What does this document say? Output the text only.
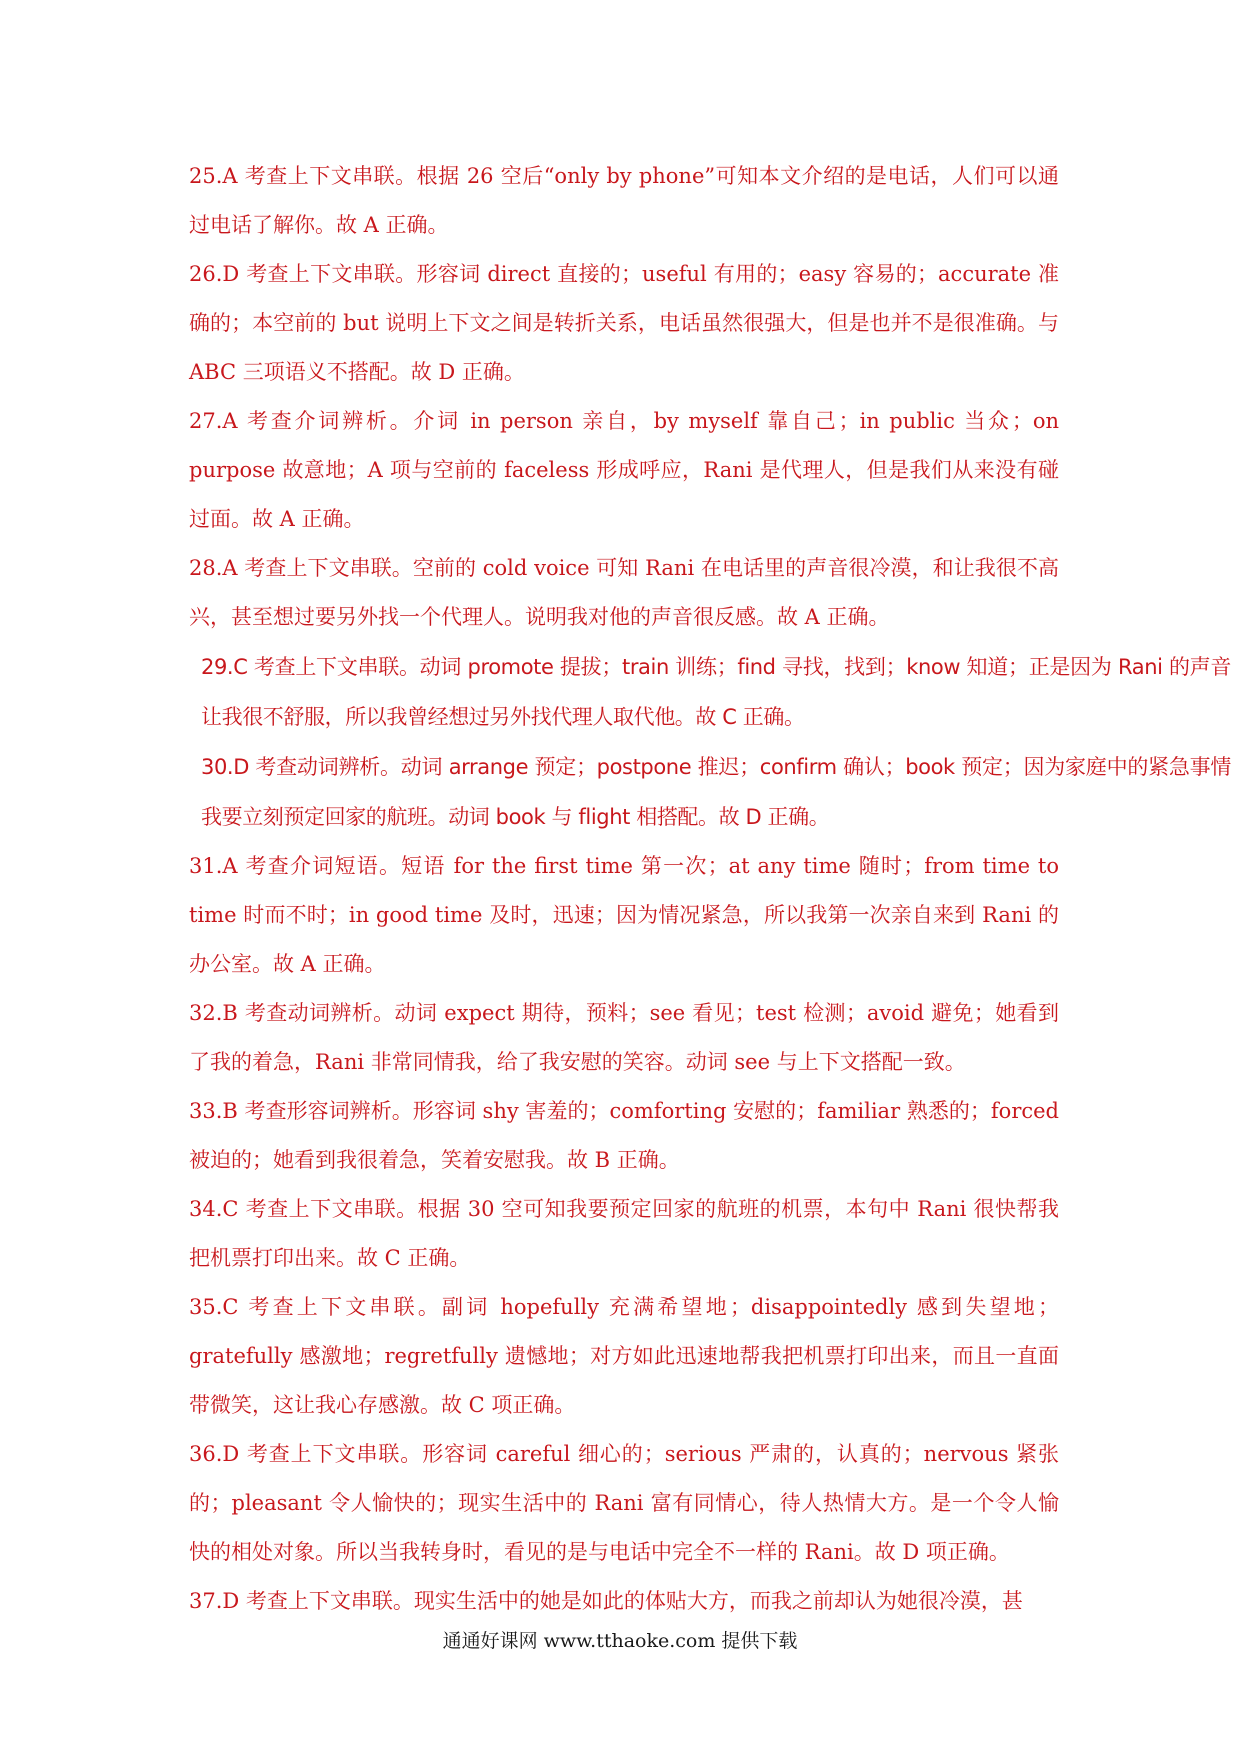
25.A 考查上下文串联。根据 26 空后“only by phone”可知本文介绍的是电话，人们可以通过电话了解你。故 A 正确。

26.D 考查上下文串联。形容词 direct 直接的；useful 有用的；easy 容易的；accurate 准确的；本空前的 but 说明上下文之间是转折关系，电话虽然很强大，但是也并不是很准确。与 ABC 三项语义不搭配。故 D 正确。

27.A 考查介词辨析。介词 in person 亲自，by myself 靠自己；in public 当众；on purpose 故意地；A 项与空前的 faceless 形成呼应，Rani 是代理人，但是我们从来没有碰过面。故 A 正确。

28.A 考查上下文串联。空前的 cold voice 可知 Rani 在电话里的声音很冷漠，和让我很不高兴，甚至想过要另外找一个代理人。说明我对他的声音很反感。故 A 正确。

29.C 考查上下文串联。动词 promote 提拔；train 训练；find 寻找，找到；know 知道；正是因为 Rani 的声音让我很不舒服，所以我曾经想过另外找代理人取代他。故 C 正确。

30.D 考查动词辨析。动词 arrange 预定；postpone 推迟；confirm 确认；book 预定；因为家庭中的紧急事情我要立刻预定回家的航班。动词 book 与 flight 相搭配。故 D 正确。

31.A 考查介词短语。短语 for the first time 第一次；at any time 随时；from time to time 时而不时；in good time 及时，迅速；因为情况紧急，所以我第一次亲自来到 Rani 的办公室。故 A 正确。

32.B 考查动词辨析。动词 expect 期待，预料；see 看见；test 检测；avoid 避免；她看到了我的着急，Rani 非常同情我，给了我安慰的笑容。动词 see 与上下文搭配一致。

33.B 考查形容词辨析。形容词 shy 害羞的；comforting 安慰的；familiar 熟悉的；forced 被迫的；她看到我很着急，笑着安慰我。故 B 正确。

34.C 考查上下文串联。根据 30 空可知我要预定回家的航班的机票，本句中 Rani 很快帮我把机票打印出来。故 C 正确。

35.C 考查上下文串联。副词 hopefully 充满希望地；disappointedly 感到失望地；gratefully 感激地；regretfully 遗憾地；对方如此迅速地帮我把机票打印出来，而且一直面带微笑，这让我心存感激。故 C 项正确。

36.D 考查上下文串联。形容词 careful 细心的；serious 严肃的，认真的；nervous 紧张的；pleasant 令人愉快的；现实生活中的 Rani 富有同情心，待人热情大方。是一个令人愉快的相处对象。所以当我转身时，看见的是与电话中完全不一样的 Rani。故 D 项正确。

37.D 考查上下文串联。现实生活中的她是如此的体贴大方，而我之前却认为她很冷漠，甚

通通好课网 www.tthaoke.com 提供下载
